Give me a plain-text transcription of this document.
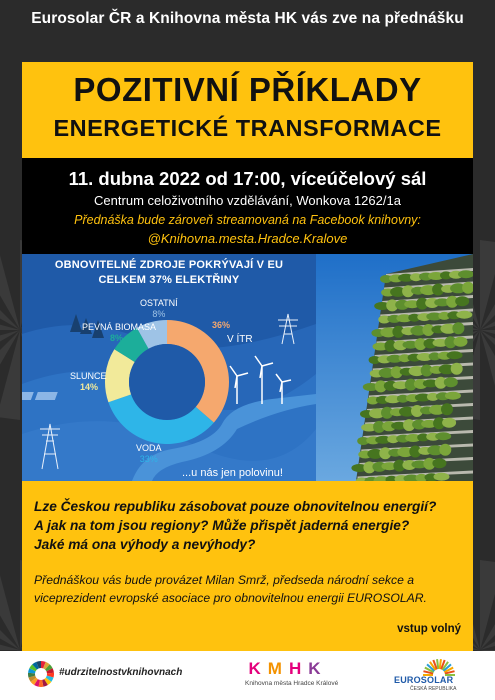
Eurosolar ČR a Knihovna města HK vás zve na přednášku
POZITIVNÍ PŘÍKLADY
ENERGETICKÉ TRANSFORMACE
11. dubna 2022 od 17:00, víceúčelový sál
Centrum celoživotního vzdělávání, Wonkova 1262/1a
Přednáška bude zároveň streamovaná na Facebook knihovny:
@Knihovna.mesta.Hradce.Kralove
OBNOVITELNÉ ZDROJE POKRÝVAJÍ V EU
CELKEM 37% ELEKTŘINY
OSTATNÍ
8%
36%
V ÍTR
PEVNÁ BIOMASA
8%
SLUNCE
14%
VODA
33%
...u nás jen polovinu!
Lze Českou republiku zásobovat pouze obnovitelnou energií?
A jak na tom jsou regiony? Může přispět jaderná energie?
Jaké má ona výhody a nevýhody?
Přednáškou vás bude provázet Milan Smrž, předseda národní sekce a viceprezident evropské asociace pro obnovitelnou energii EUROSOLAR.
vstup volný
#udrzitelnostvknihovnach	K M H K
Knihovna města Hradce Králové	EUROSOLAR
ČESKÁ REPUBLIKA
